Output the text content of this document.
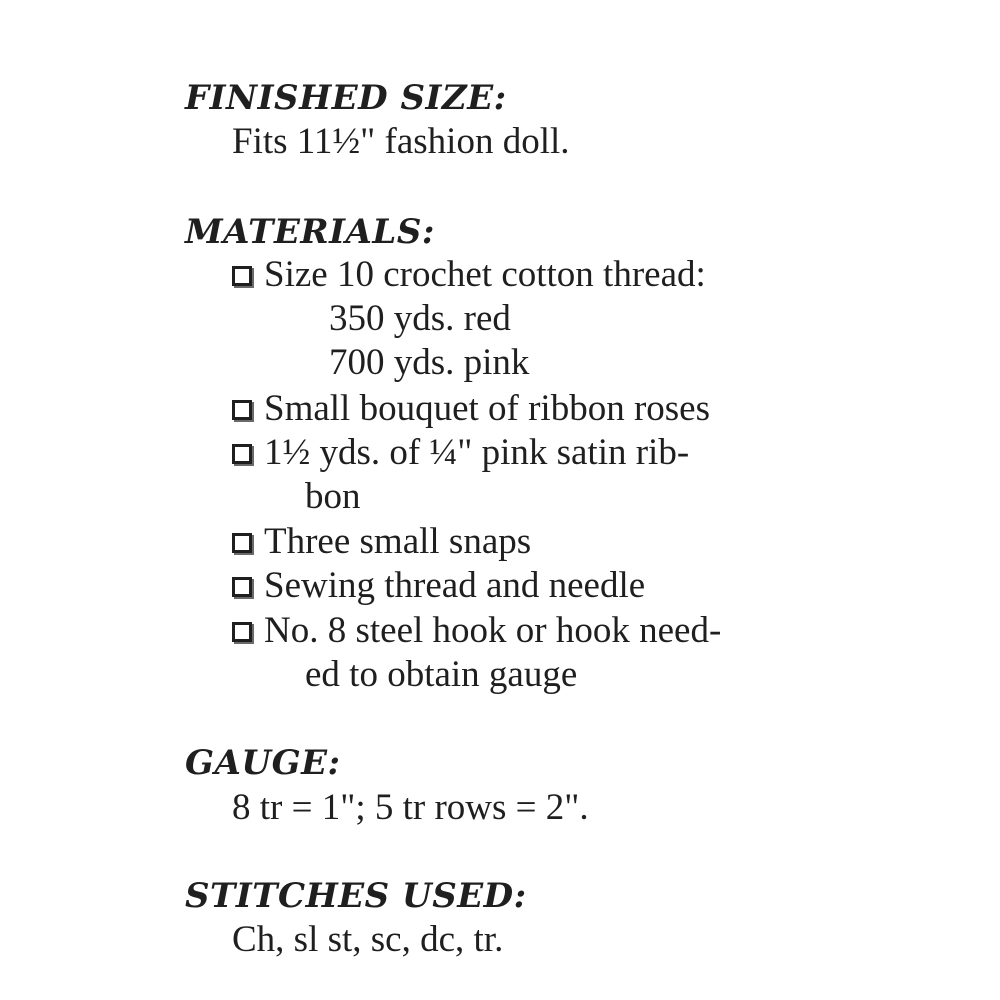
FINISHED SIZE:
Fits 11½" fashion doll.
MATERIALS:
Size 10 crochet cotton thread:
350 yds. red
700 yds. pink
Small bouquet of ribbon roses
1½ yds. of ¼" pink satin rib-
bon
Three small snaps
Sewing thread and needle
No. 8 steel hook or hook need-
ed to obtain gauge
GAUGE:
8 tr = 1"; 5 tr rows = 2".
STITCHES USED:
Ch, sl st, sc, dc, tr.
